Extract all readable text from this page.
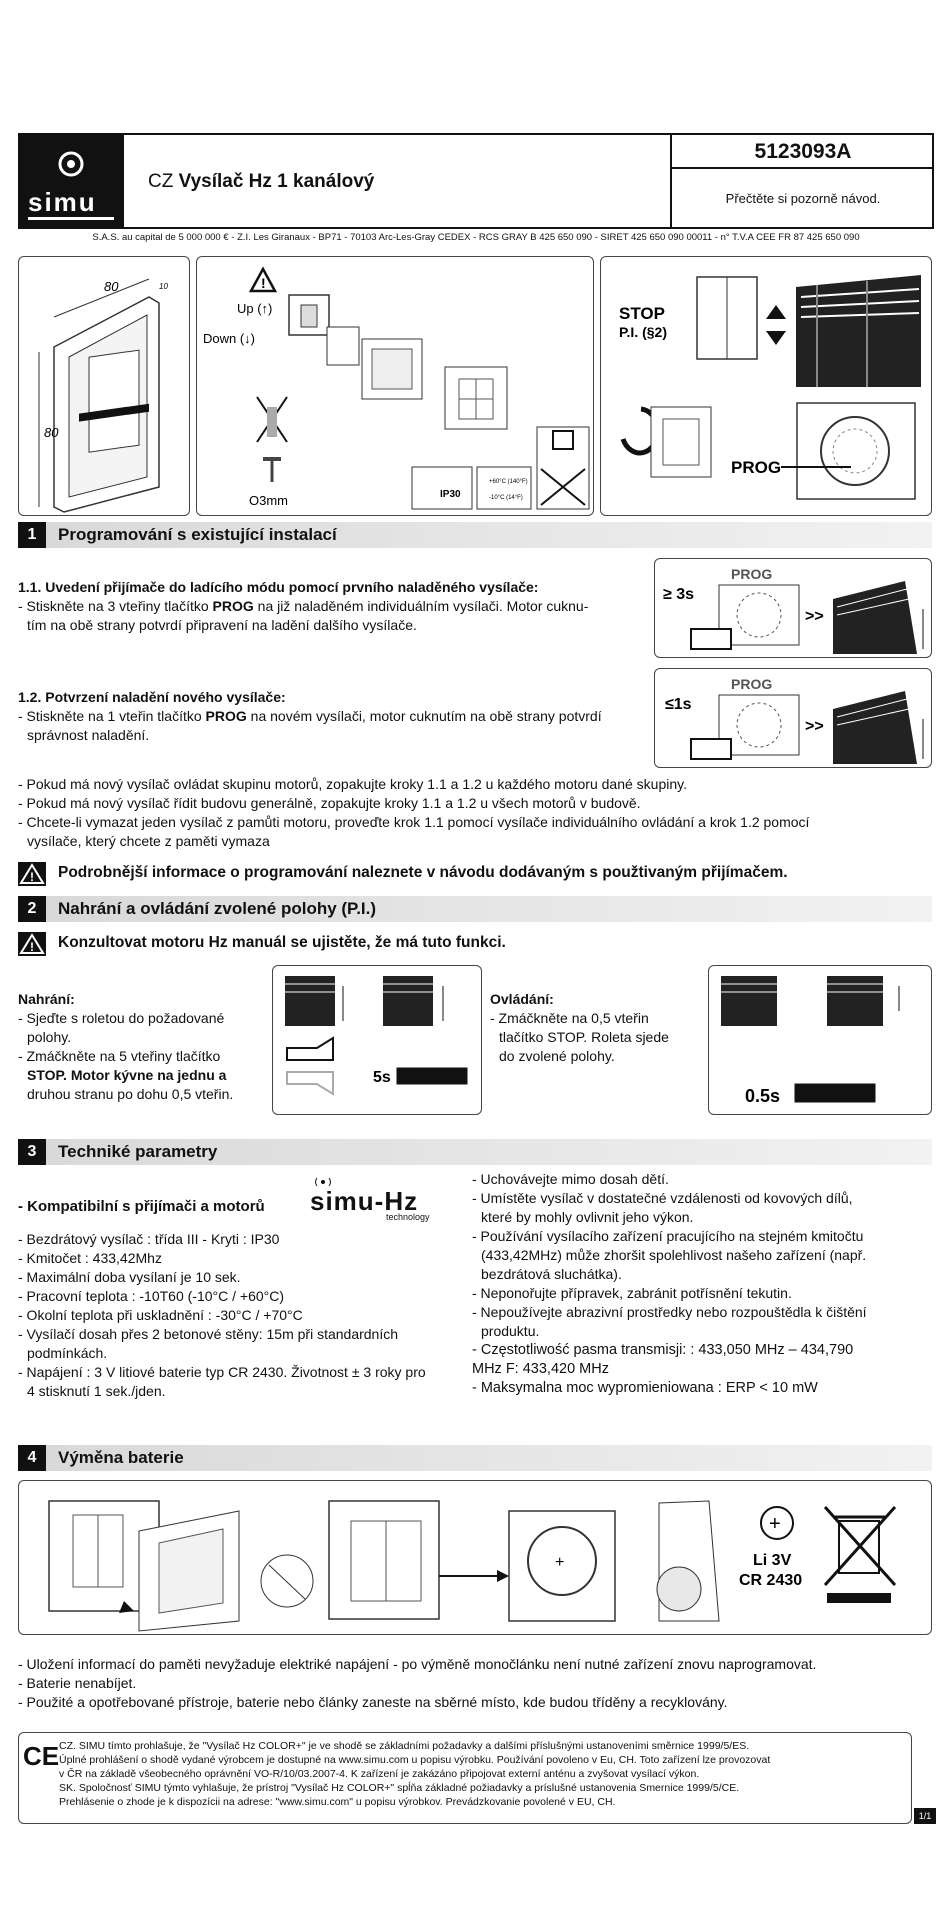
simu
CZ Vysílač Hz 1 kanálový
5123093A
Přečtěte si pozorně návod.
S.A.S. au capital de 5 000 000 € - Z.I. Les Giranaux - BP71 - 70103 Arc-Les-Gray CEDEX - RCS GRAY B 425 650 090 - SIRET 425 650 090 00011 - n° T.V.A CEE FR 87 425 650 090
80
80
10	!
Up (↑)
Down (↓)
O3mm	IP30
+60°C (140°F)
-10°C (14°F)
STOP
P.I. (§2)
PROG
1	Programování s existující instalací
1.1. Uvedení přijímače do ladícího módu pomocí prvního naladěného vysílače:
- Stiskněte na 3 vteřiny tlačítko PROG na již naladěném individuálním vysílači. Motor cuknu-
tím na obě strany potvrdí připravení na ladění dalšího vysílače.
≥ 3s
PROG
>>
1.2. Potvrzení naladění nového vysílače:
- Stiskněte na 1 vteřin tlačítko PROG na novém vysílači, motor cuknutím na obě strany potvrdí
správnost naladění.
≤1s
PROG
>>
- Pokud má nový vysílač ovládat skupinu motorů, zopakujte kroky 1.1 a 1.2 u každého motoru dané skupiny.
- Pokud má nový vysílač řídit budovu generálně, zopakujte kroky 1.1 a 1.2 u všech motorů v budově.
- Chcete-li vymazat jeden vysílač z pamůti motoru, proveďte krok 1.1 pomocí vysílače individuálního ovládání a krok 1.2 pomocí
vysílače, který chcete z paměti vymaza
! Podrobnější informace o programování naleznete v návodu dodávaným s použtivaným přijímačem.
2	Nahrání a ovládání zvolené polohy (P.I.)
! Konzultovat motoru Hz manuál se ujistěte, že má tuto funkci.
Nahrání:
- Sjeďte s roletou do požadované
polohy.
- Zmáčkněte na 5 vteřiny tlačítko
STOP. Motor kývne na jednu a
druhou stranu po dohu 0,5 vteřin.
5s
Ovládání:
- Zmáčkněte na 0,5 vteřin
tlačítko STOP. Roleta sjede
do zvolené polohy.
0.5s
3	Techniké parametry
- Kompatibilní s přijímači a motorů simu-Hz
technology
- Bezdrátový vysílač : třída III - Kryti : IP30
- Kmitočet : 433,42Mhz
- Maximální doba vysílaní je 10 sek.
- Pracovní teplota : -10T60 (-10°C / +60°C)
- Okolní teplota při uskladnění : -30°C / +70°C
- Vysílačí dosah přes 2 betonové stěny: 15m při standardních
podmínkách.
- Napájení : 3 V litiové baterie typ CR 2430. Životnost ± 3 roky pro
4 stisknutí 1 sek./jden.
- Uchovávejte mimo dosah dětí.
- Umístěte vysílač v dostatečné vzdálenosti od kovových dílů,
které by mohly ovlivnit jeho výkon.
- Používání vysílacího zařízení pracujícího na stejném kmitočtu
(433,42MHz) může zhoršit spolehlivost našeho zařízení (např.
bezdrátová sluchátka).
- Neponořujte přípravek, zabránit potřísnění tekutin.
- Nepoužívejte abrazivní prostředky nebo rozpouštědla k čištění
produktu.
- Częstotliwość pasma transmisji: : 433,050 MHz – 434,790
MHz F: 433,420 MHz
- Maksymalna moc wypromieniowana : ERP < 10 mW
4	Výměna baterie
+
+
Li 3V
CR 2430
- Uložení informací do paměti nevyžaduje elektriké napájení - po výměně monočlánku není nutné zařízení znovu naprogramovat.
- Baterie nenabíjet.
- Použité a opotřebované přístroje, baterie nebo články zaneste na sběrné místo, kde budou tříděny a recyklovány.
CE CZ. SIMU tímto prohlašuje, že "Vysílač Hz COLOR+" je ve shodě se základními požadavky a dalšími příslušnými ustanoveními směrnice 1999/5/ES.
Úplné prohlášení o shodě vydané výrobcem je dostupné na www.simu.com u popisu výrobku. Používání povoleno v Eu, CH. Toto zařízení lze provozovat
v ČR na základě všeobecného oprávnění VO-R/10/03.2007-4. K zařízení je zakázáno připojovat externí anténu a zvyšovat vysílací výkon.
SK. Spoločnosť SIMU týmto vyhlašuje, že prístroj "Vysílač Hz COLOR+" spĺňa základné požiadavky a príslušné ustanovenia Smernice 1999/5/CE.
Prehlásenie o zhode je k dispozícii na adrese: "www.simu.com" u popisu výrobkov. Prevádzkovanie povolené v EU, CH.
1/1
